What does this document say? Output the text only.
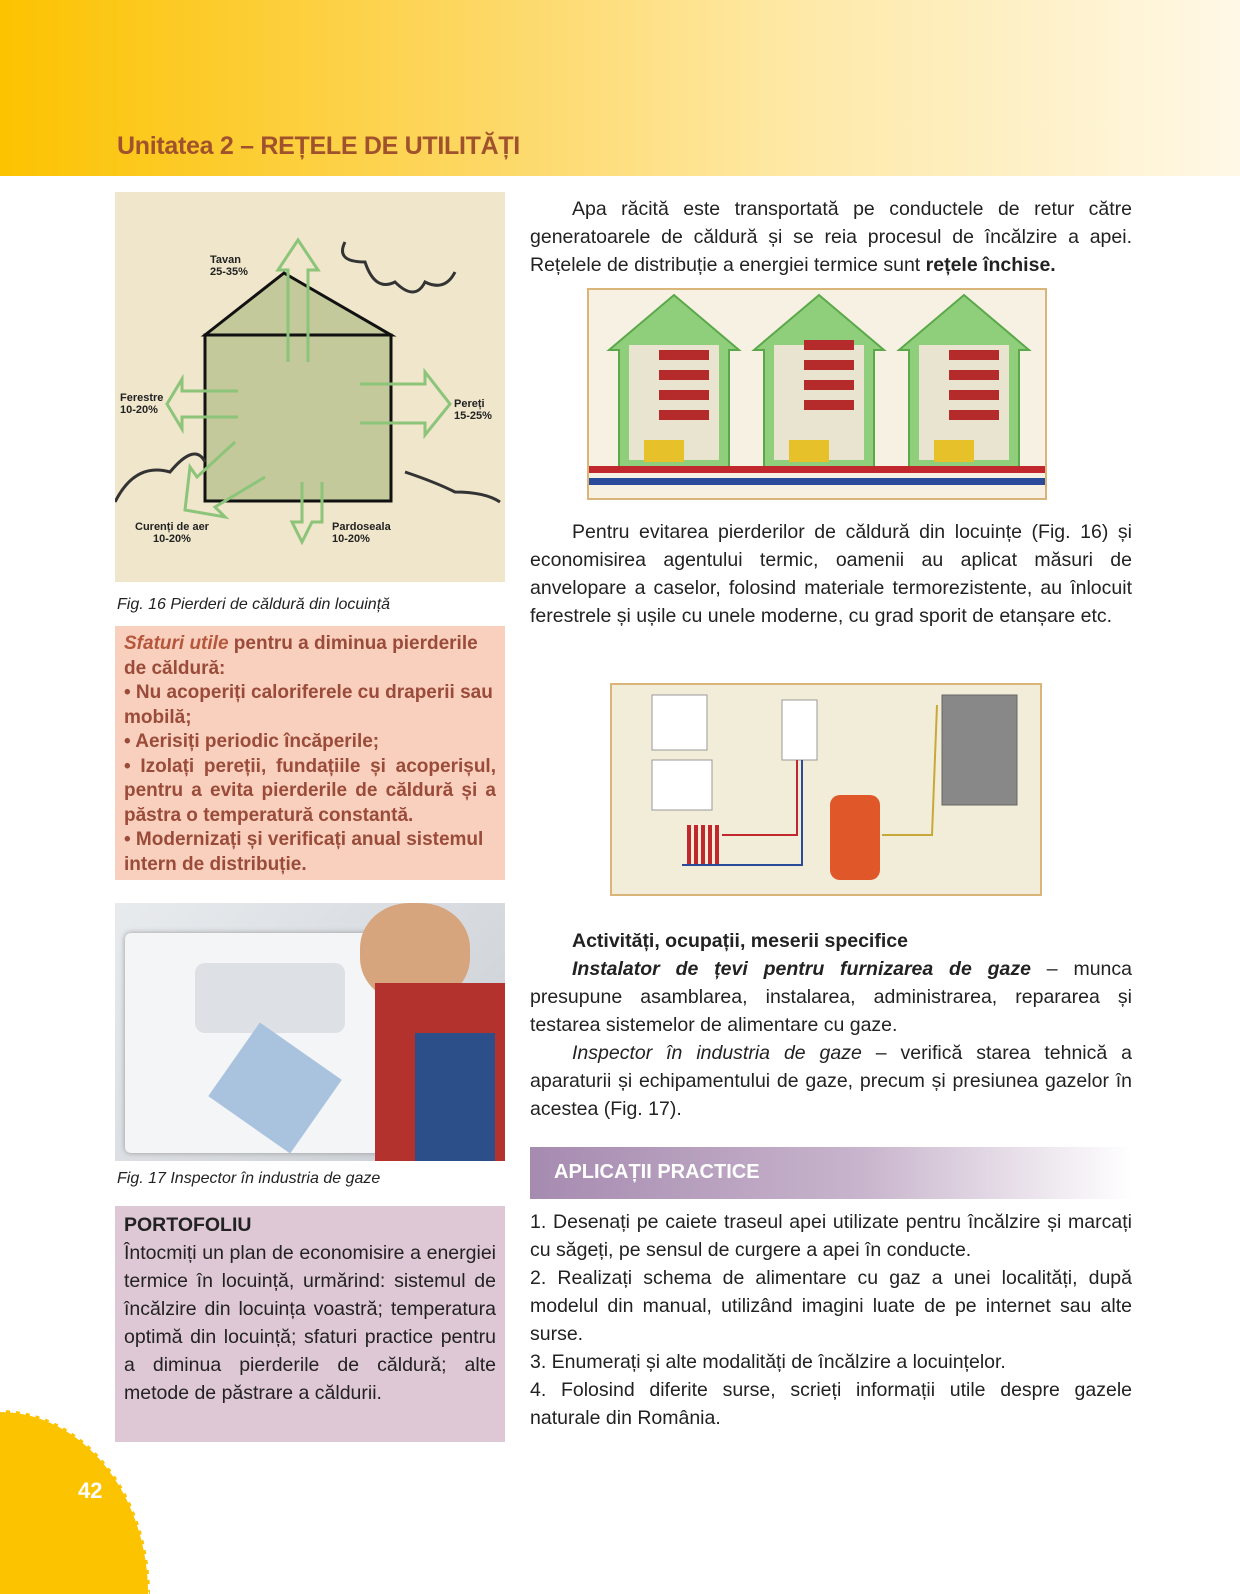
Unitatea 2 – REȚELE DE UTILITĂȚI
Tavan
25-35%
Ferestre
10-20%	Pereți
15-25%
Curenți de aer
10-20%
Pardoseala
10-20%
Fig. 16 Pierderi de căldură din locuință
Sfaturi utile pentru a diminua pierderile de căldură:
• Nu acoperiți caloriferele cu draperii sau mobilă;
• Aerisiți periodic încăperile;
• Izolați pereții, fundațiile și acoperișul, pentru a evita pierderile de căldură și a păstra o temperatură constantă.
• Modernizați și verificați anual sistemul intern de distribuție.
Fig. 17 Inspector în industria de gaze
PORTOFOLIU
Întocmiți un plan de economisire a energiei termice în locuință, urmărind: sistemul de încălzire din locuința voastră; temperatura optimă din locuință; sfaturi practice pentru a diminua pierderile de căldură; alte metode de păstrare a căldurii.
Apa răcită este transportată pe conductele de retur către generatoarele de căldură și se reia procesul de încălzire a apei. Rețelele de distribuție a energiei termice sunt rețele închise.
Pentru evitarea pierderilor de căldură din locuințe (Fig. 16) și economisirea agentului termic, oamenii au aplicat măsuri de anvelopare a caselor, folosind materiale termorezistente, au înlocuit ferestrele și ușile cu unele moderne, cu grad sporit de etanșare etc.
Activități, ocupații, meserii specifice
Instalator de țevi pentru furnizarea de gaze – munca presupune asamblarea, instalarea, administrarea, repararea și testarea sistemelor de alimentare cu gaze.
Inspector în industria de gaze – verifică starea tehnică a aparaturii și echipamentului de gaze, precum și presiunea gazelor în acestea (Fig. 17).
APLICAȚII PRACTICE
1. Desenați pe caiete traseul apei utilizate pentru încălzire și marcați cu săgeți, pe sensul de curgere a apei în conducte.
2. Realizați schema de alimentare cu gaz a unei localități, după modelul din manual, utilizând imagini luate de pe internet sau alte surse.
3. Enumerați și alte modalități de încălzire a locuințelor.
4. Folosind diferite surse, scrieți informații utile despre gazele naturale din România.
42
